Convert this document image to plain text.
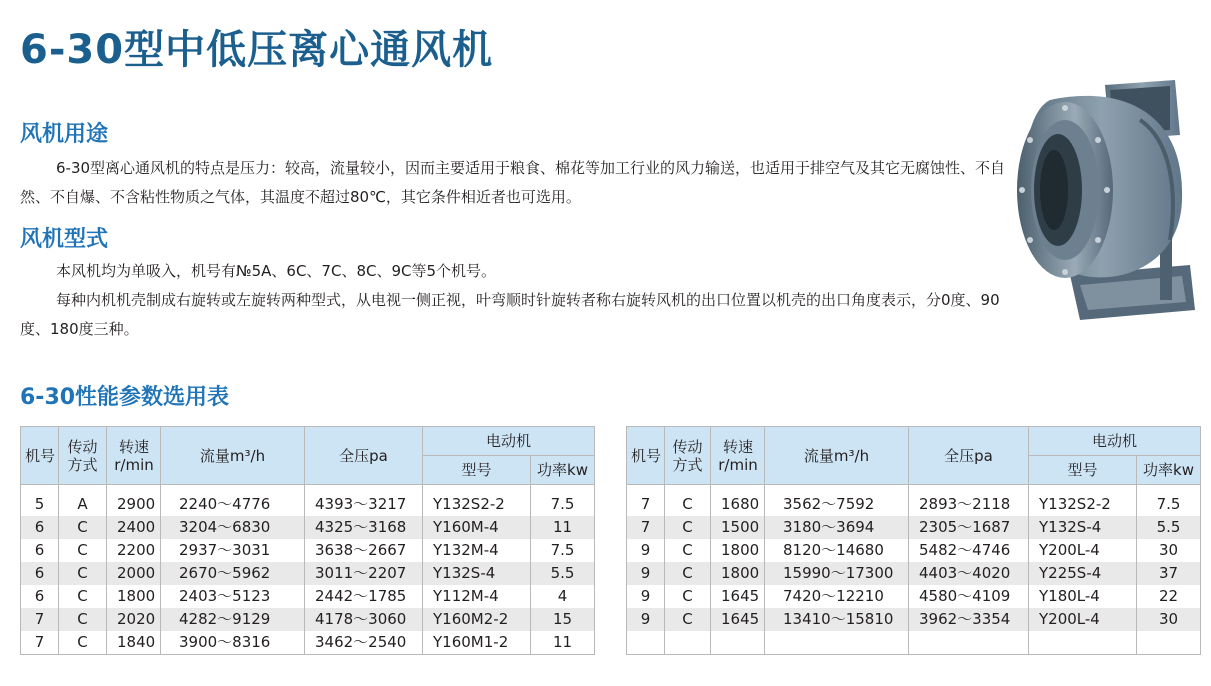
6-30型中低压离心通风机
风机用途

6-30型离心通风机的特点是压力：较高，流量较小，因而主要适用于粮食、棉花等加工行业的风力输送，也适用于排空气及其它无腐蚀性、不自然、不自爆、不含粘性物质之气体，其温度不超过80℃，其它条件相近者也可选用。

风机型式

本风机均为单吸入，机号有№5A、6C、7C、8C、9C等5个机号。

每种内机机壳制成右旋转或左旋转两种型式，从电视一侧正视，叶弯顺时针旋转者称右旋转风机的出口位置以机壳的出口角度表示，分0度、90度、180度三种。

6-30性能参数选用表
机号	传动方式	转速r/min	流量m³/h	全压pa	电动机	
					型号	功率kw

5	A	2900	2240～4776	4393～3217	Y132S2-2	7.5
6	C	2400	3204～6830	4325～3168	Y160M-4	11
6	C	2200	2937～3031	3638～2667	Y132M-4	7.5
6	C	2000	2670～5962	3011～2207	Y132S-4	5.5
6	C	1800	2403～5123	2442～1785	Y112M-4	4
7	C	2020	4282～9129	4178～3060	Y160M2-2	15
7	C	1840	3900～8316	3462～2540	Y160M1-2	11
机号	传动方式	转速r/min	流量m³/h	全压pa	电动机	
					型号	功率kw

7	C	1680	3562～7592	2893～2118	Y132S2-2	7.5
7	C	1500	3180～3694	2305～1687	Y132S-4	5.5
9	C	1800	8120～14680	5482～4746	Y200L-4	30
9	C	1800	15990～17300	4403～4020	Y225S-4	37
9	C	1645	7420～12210	4580～4109	Y180L-4	22
9	C	1645	13410～15810	3962～3354	Y200L-4	30
